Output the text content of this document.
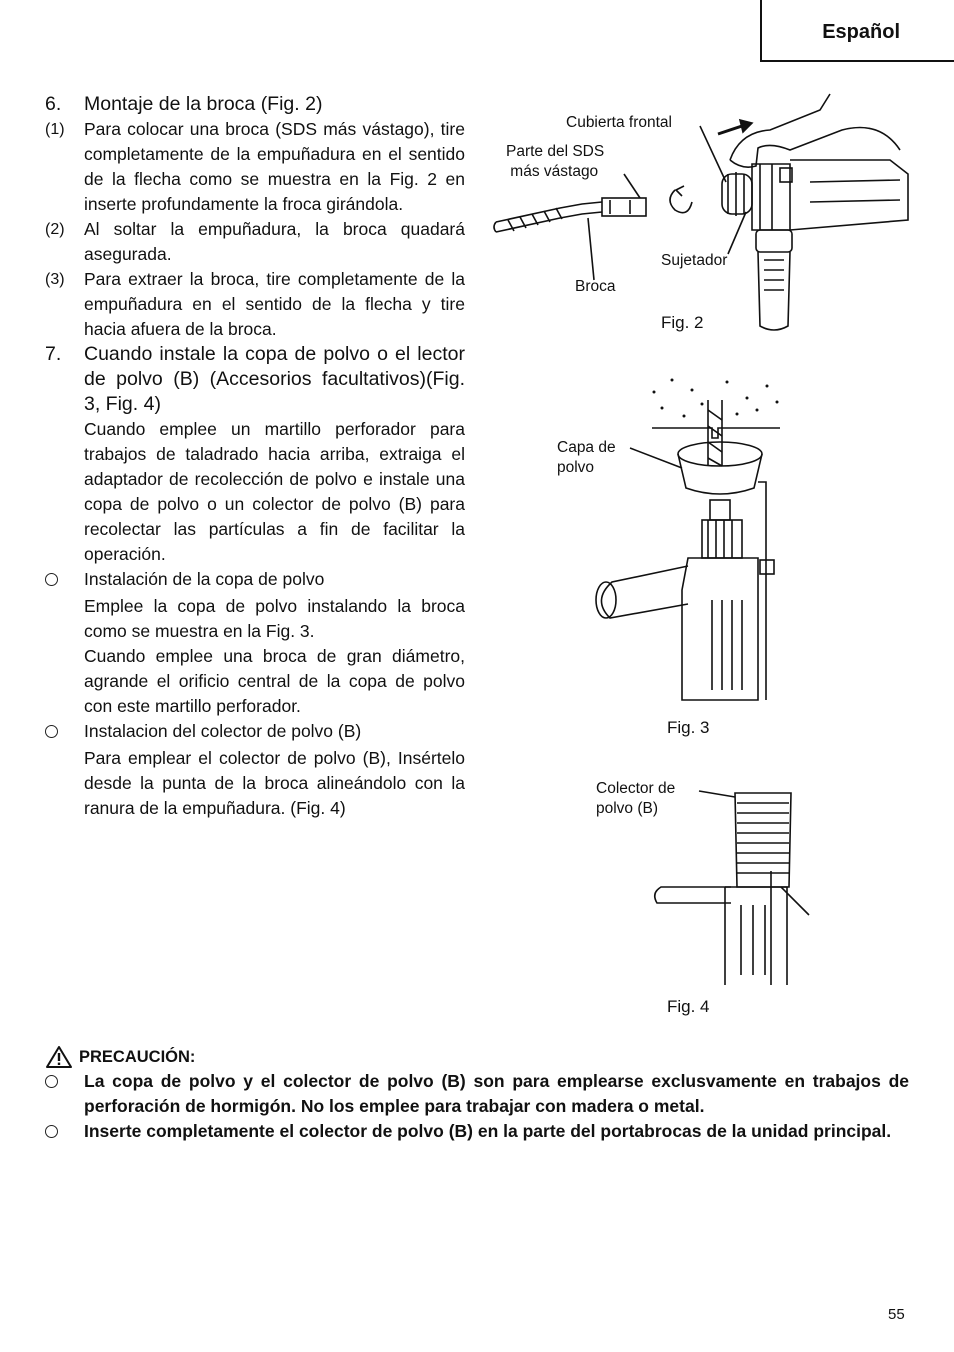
Español
6.	Montaje de la broca (Fig. 2)
(1)	Para colocar una broca (SDS más vástago), tire completamente de la empuñadura en el sentido de la flecha como se muestra en la Fig. 2 en inserte profundamente la froca girándola.
(2)	Al soltar la empuñadura, la broca quadará asegurada.
(3)	Para extraer la broca, tire completamente de la empuñadura en el sentido de la flecha y tire hacia afuera de la broca.
7.	Cuando instale la copa de polvo o el lector de polvo (B) (Accesorios facultativos)(Fig. 3, Fig. 4)
Cuando emplee un martillo perforador para trabajos de taladrado hacia arriba, extraiga el adaptador de recolección de polvo e instale una copa de polvo o un colector de polvo (B) para recolectar las partículas a fin de facilitar la operación.
Instalación de la copa de polvo
Emplee la copa de polvo instalando la broca como se muestra en la Fig. 3.
Cuando emplee una broca de gran diámetro, agrande el orificio central de la copa de polvo con este martillo perforador.
Instalacion del colector de polvo (B)
Para emplear el colector de polvo (B), Insértelo desde la punta de la broca alineándolo con la ranura de la empuñadura. (Fig. 4)
Cubierta frontal
Parte del SDS
más vástago
Sujetador
Broca
Fig. 2
Capa de
polvo
Fig. 3
Colector de
polvo (B)
Fig. 4
PRECAUCIÓN:
La copa de polvo y el colector de polvo (B) son para emplearse exclusvamente en trabajos de perforación de hormigón. No los emplee para trabajar con madera o metal.
Inserte completamente el colector de polvo (B) en la parte del portabrocas de la unidad principal.
55
